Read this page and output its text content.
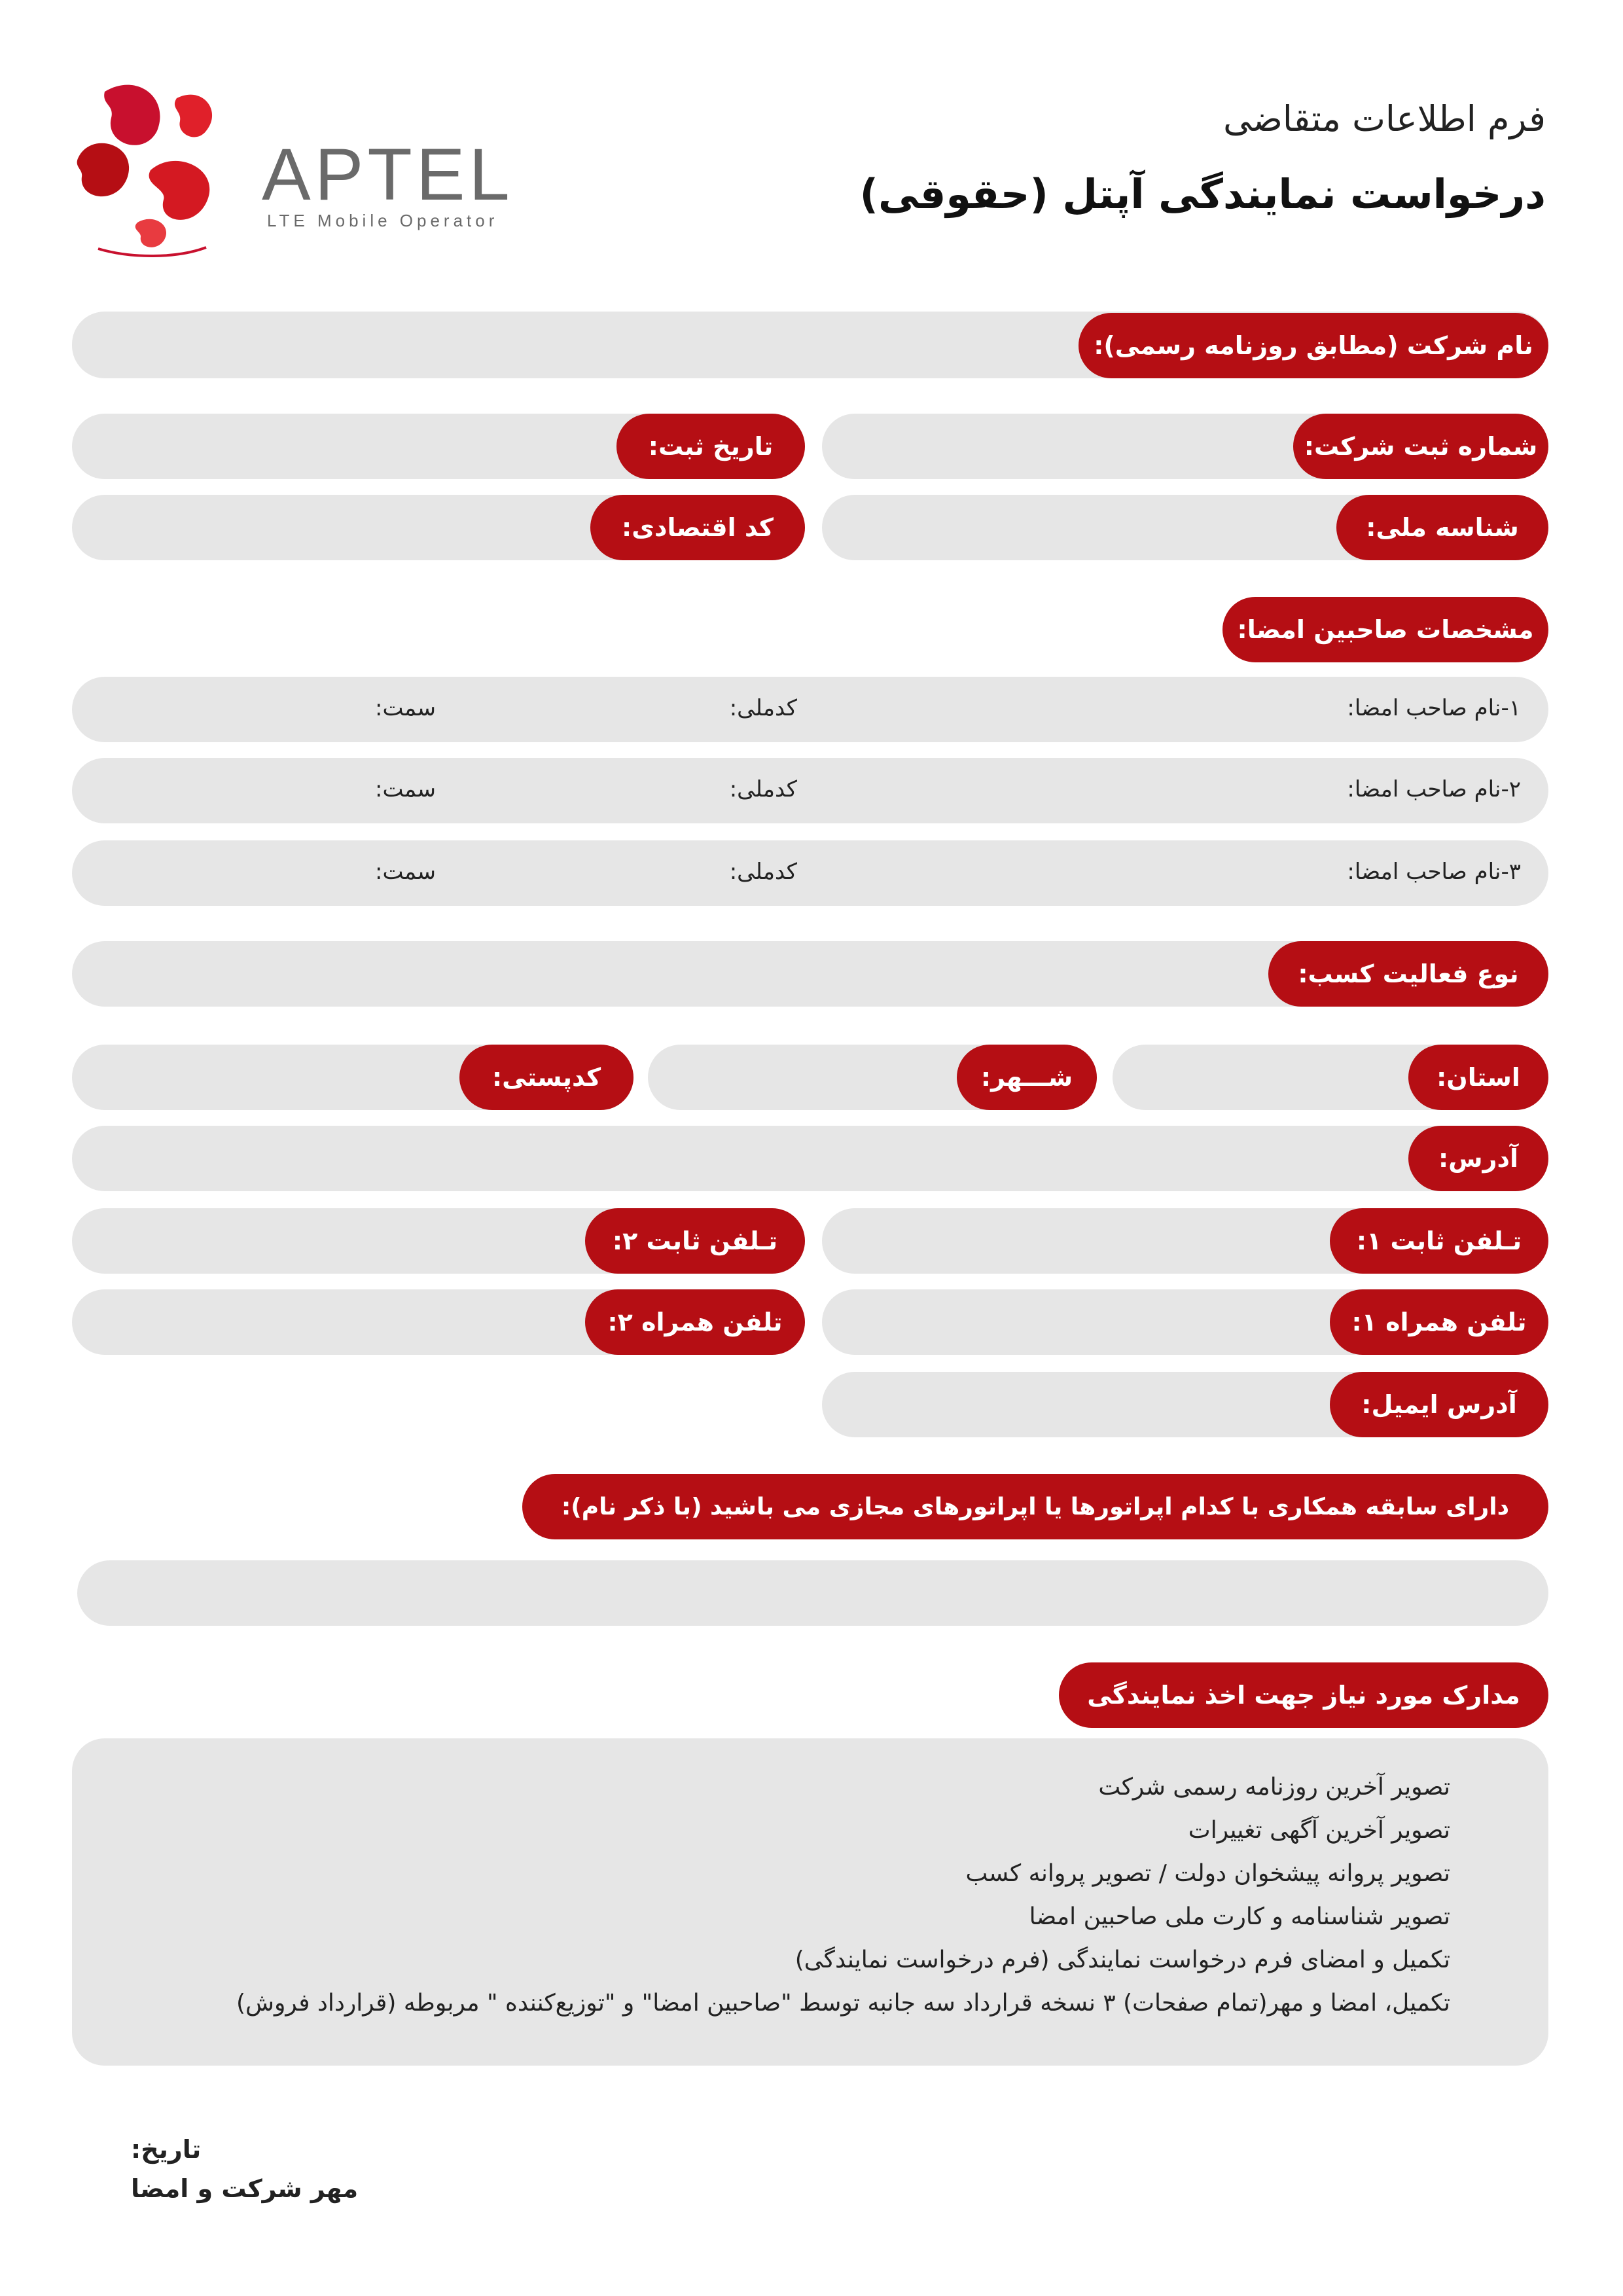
APTEL
LTE Mobile Operator
فرم اطلاعات متقاضی
درخواست نمایندگی آپتل (حقوقی)
نام شرکت (مطابق روزنامه رسمی):
شماره ثبت شرکت:
تاریخ ثبت:
شناسه ملی:
کد اقتصادی:
مشخصات صاحبین امضا:
۱-نام صاحب امضا:
کدملی:
سمت:
۲-نام صاحب امضا:
کدملی:
سمت:
۳-نام صاحب امضا:
کدملی:
سمت:
نوع فعالیت کسب:
استان:
شـــهر:
کدپستی:
آدرس:
تـلفن ثابت ۱:
تـلفن ثابت ۲:
تلفن همراه ۱:
تلفن همراه ۲:
آدرس ایمیل:
دارای سابقه همکاری با کدام اپراتورها یا اپراتورهای مجازی می باشید (با ذکر نام):
مدارک مورد نیاز جهت اخذ نمایندگی
تصویر آخرین روزنامه رسمی شرکت
تصویر آخرین آگهی تغییرات
تصویر پروانه پیشخوان دولت / تصویر پروانه کسب
تصویر شناسنامه و کارت ملی صاحبین امضا
تکمیل و امضای فرم درخواست نمایندگی (فرم درخواست نمایندگی)
تکمیل، امضا و مهر(تمام صفحات) ۳ نسخه قرارداد سه جانبه توسط "صاحبین امضا" و "توزیع‌کننده " مربوطه (قرارداد فروش)
تاریخ:
مهر شرکت و امضا
